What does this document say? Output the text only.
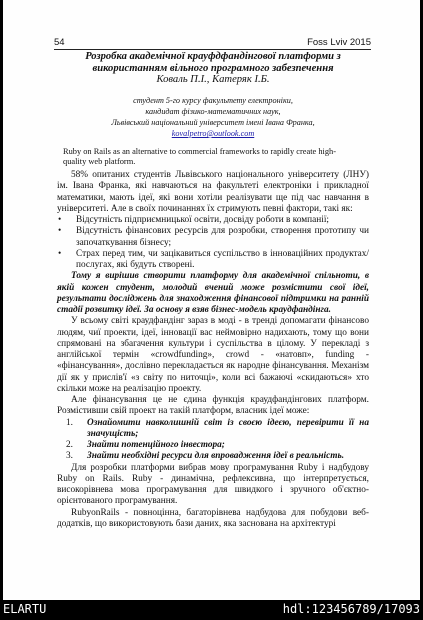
54	Foss Lviv 2015
Розробка академічної крауфдфандінгової платформи з використанням вільного програмного забезпечення
Коваль П.І., Катеряк І.Б.
студент 5-го курсу факультету електроніки,
кандидат фізико-математичних наук,
Львівський національний університет імені Івана Франка,
kovalpetro@outlook.com
Ruby on Rails as an alternative to commercial frameworks to rapidly create high-quality web platform.

58% опитаних студентів Львівського національного університету (ЛНУ) ім. Івана Франка, які навчаються на факультеті електроніки і прикладної математики, мають ідеї, які вони хотіли реалізувати ще під час навчання в університеті. Але в своїх починаннях їх стримують певні фактори, такі як:

• Відсутність підприємницької освіти, досвіду роботи в компанії;
• Відсутність фінансових ресурсів для розробки, створення прототипу чи започаткування бізнесу;
• Страх перед тим, чи зацікавиться суспільство в інноваційних продуктах/послугах, які будуть створені.

Тому я вирішив створити платформу для академічної спільноти, в якій кожен студент, молодий вчений може розмістити свої ідеї, результати досліджень для знаходження фінансової підтримки на ранній стадії розвитку ідеї. За основу я взяв бізнес-модель краудфандінга.

У всьому світі краудфандінг зараз в моді - в тренді допомагати фінансово людям, чиї проекти, ідеї, інновації вас неймовірно надихають, тому що вони спрямовані на збагачення культури і суспільства в цілому. У перекладі з англійської термін «crowdfunding», crowd - «натовп», funding - «фінансування», дослівно перекладається як народне фінансування. Механізм дії як у прислів'ї «з світу по ниточці», коли всі бажаючі «скидаються» хто скільки може на реалізацію проекту.

Але фінансування це не єдина функція краудфандінгових платформ. Розмістивши свій проект на такій платформ, власник ідеї може:

1. Ознайомити навколишній світ із своєю ідеєю, перевірити її на значущість;
2. Знайти потенційного інвестора;
3. Знайти необхідні ресурси для впровадження ідеї в реальність.

Для розробки платформи вибрав мову програмування Ruby і надбудову Ruby on Rails. Ruby - динамічна, рефлексивна, що інтерпретується, високорівнева мова програмування для швидкого і зручного об'єктно-орієнтованого програмування.

RubyonRails - повноцінна, багаторівнева надбудова для побудови веб-додатків, що використовують бази даних, яка заснована на архітектурі

ELARTU	hdl:123456789/17093
